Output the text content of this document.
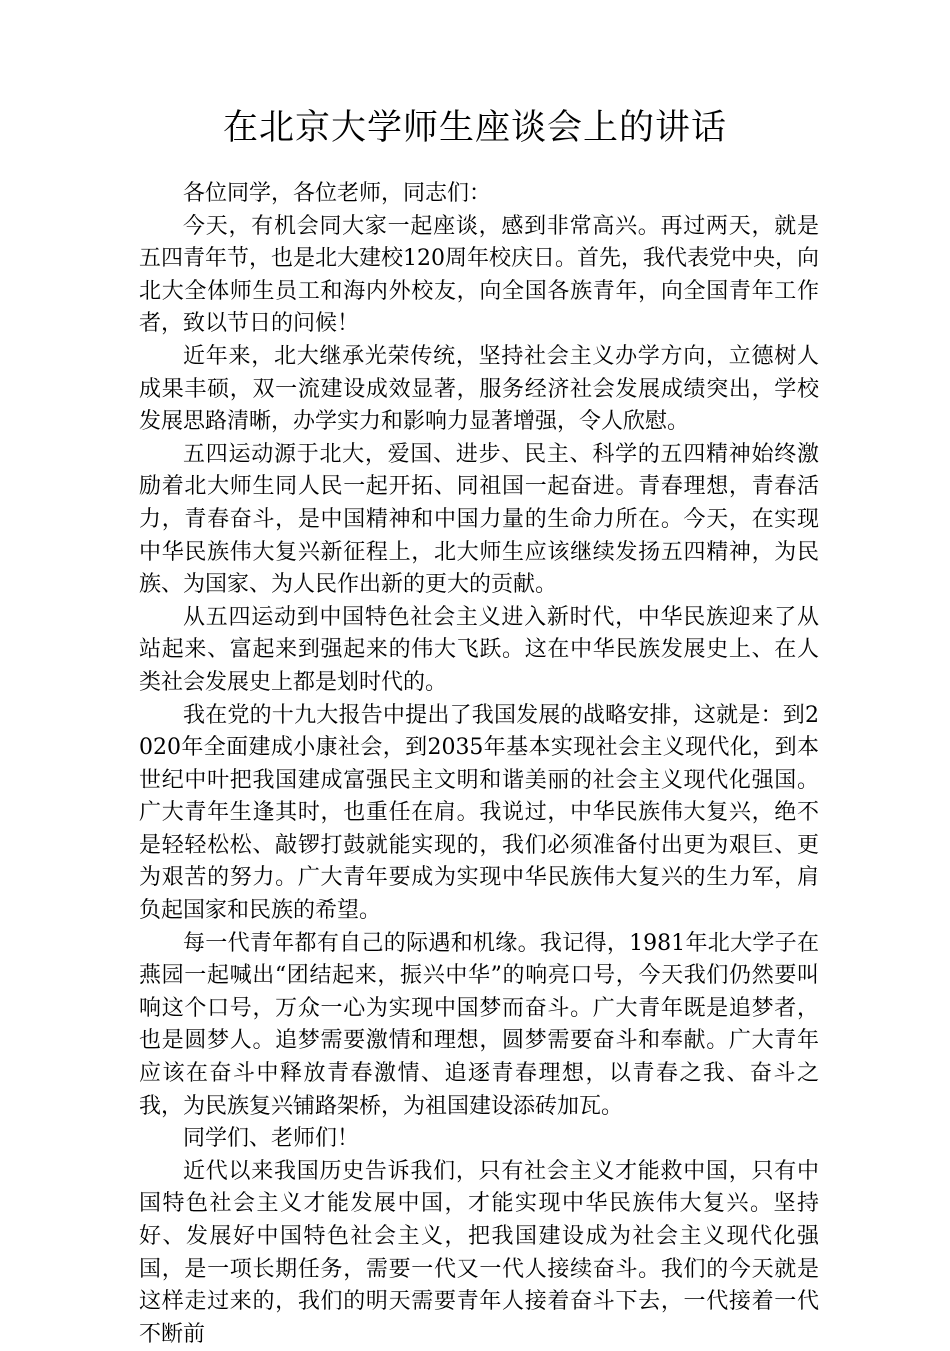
在北京大学师生座谈会上的讲话

各位同学，各位老师，同志们：

今天，有机会同大家一起座谈，感到非常高兴。再过两天，就是五四青年节，也是北大建校120周年校庆日。首先，我代表党中央，向北大全体师生员工和海内外校友，向全国各族青年，向全国青年工作者，致以节日的问候！

近年来，北大继承光荣传统，坚持社会主义办学方向，立德树人成果丰硕，双一流建设成效显著，服务经济社会发展成绩突出，学校发展思路清晰，办学实力和影响力显著增强，令人欣慰。

五四运动源于北大，爱国、进步、民主、科学的五四精神始终激励着北大师生同人民一起开拓、同祖国一起奋进。青春理想，青春活力，青春奋斗，是中国精神和中国力量的生命力所在。今天，在实现中华民族伟大复兴新征程上，北大师生应该继续发扬五四精神，为民族、为国家、为人民作出新的更大的贡献。

从五四运动到中国特色社会主义进入新时代，中华民族迎来了从站起来、富起来到强起来的伟大飞跃。这在中华民族发展史上、在人类社会发展史上都是划时代的。

我在党的十九大报告中提出了我国发展的战略安排，这就是：到2020年全面建成小康社会，到2035年基本实现社会主义现代化，到本世纪中叶把我国建成富强民主文明和谐美丽的社会主义现代化强国。广大青年生逢其时，也重任在肩。我说过，中华民族伟大复兴，绝不是轻轻松松、敲锣打鼓就能实现的，我们必须准备付出更为艰巨、更为艰苦的努力。广大青年要成为实现中华民族伟大复兴的生力军，肩负起国家和民族的希望。

每一代青年都有自己的际遇和机缘。我记得，1981年北大学子在燕园一起喊出“团结起来，振兴中华”的响亮口号，今天我们仍然要叫响这个口号，万众一心为实现中国梦而奋斗。广大青年既是追梦者，也是圆梦人。追梦需要激情和理想，圆梦需要奋斗和奉献。广大青年应该在奋斗中释放青春激情、追逐青春理想，以青春之我、奋斗之我，为民族复兴铺路架桥，为祖国建设添砖加瓦。

同学们、老师们！

近代以来我国历史告诉我们，只有社会主义才能救中国，只有中国特色社会主义才能发展中国，才能实现中华民族伟大复兴。坚持好、发展好中国特色社会主义，把我国建设成为社会主义现代化强国，是一项长期任务，需要一代又一代人接续奋斗。我们的今天就是这样走过来的，我们的明天需要青年人接着奋斗下去，一代接着一代不断前
